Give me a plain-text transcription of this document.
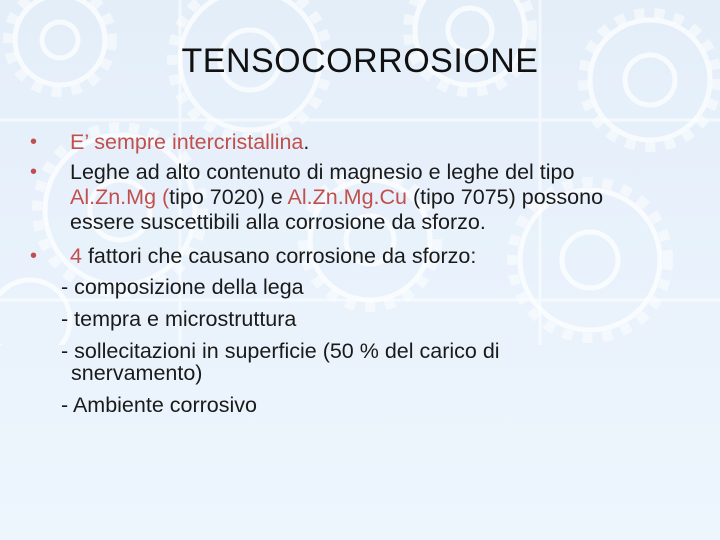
TENSOCORROSIONE
•	E’ sempre intercristallina.
•	Leghe ad alto contenuto di magnesio e leghe del tipo
Al.Zn.Mg (tipo 7020) e Al.Zn.Mg.Cu (tipo 7075) possono
essere suscettibili alla corrosione da sforzo.
•	4 fattori che causano corrosione da sforzo:
- composizione della lega
- tempra e microstruttura
- sollecitazioni in superficie (50 % del carico di
snervamento)
- Ambiente corrosivo
